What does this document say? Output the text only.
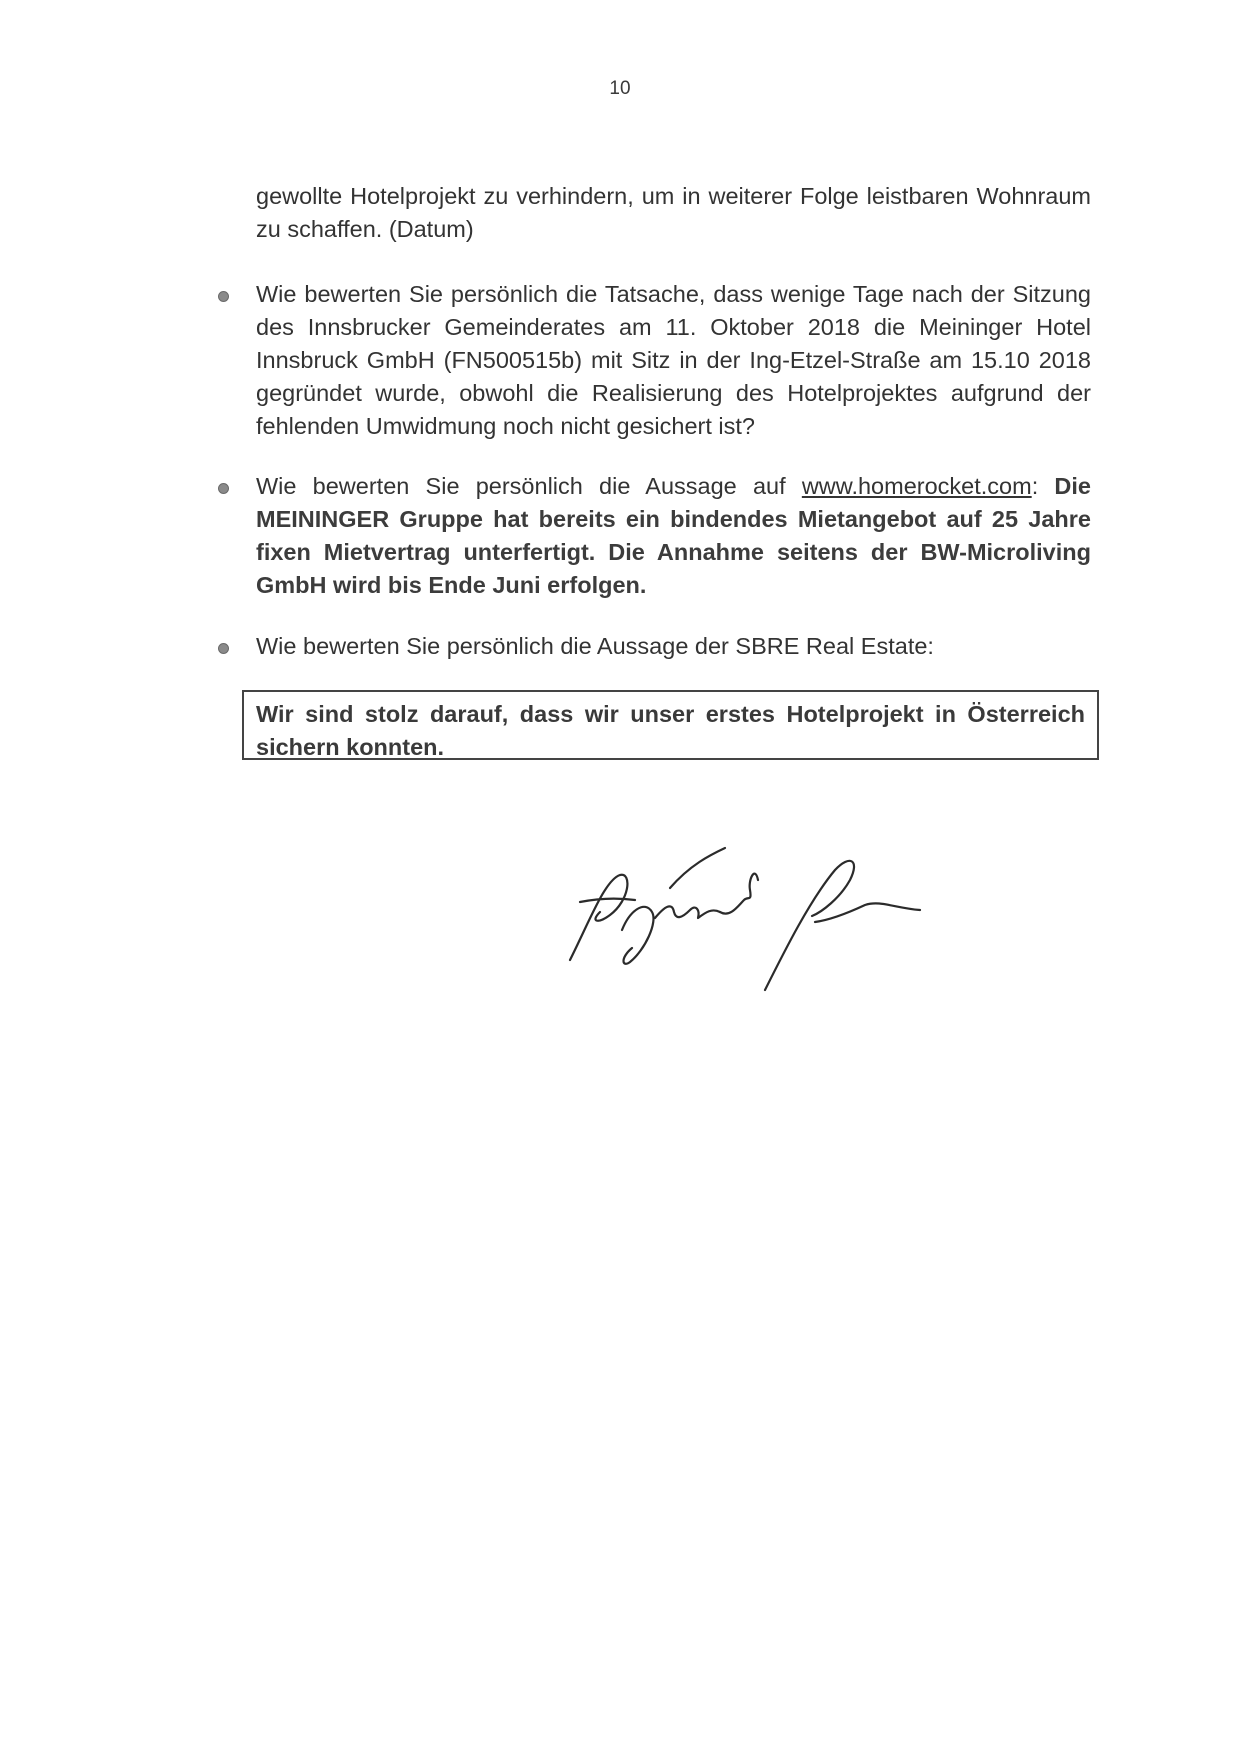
10
gewollte Hotelprojekt zu verhindern, um in weiterer Folge leistbaren Wohnraum zu schaffen. (Datum)
Wie bewerten Sie persönlich die Tatsache, dass wenige Tage nach der Sitzung des Innsbrucker Gemeinderates am 11. Oktober 2018 die Meininger Hotel Innsbruck GmbH (FN500515b) mit Sitz in der Ing-Etzel-Straße am 15.10 2018 gegründet wurde, obwohl die Realisierung des Hotelprojektes aufgrund der fehlenden Umwidmung noch nicht gesichert ist?
Wie bewerten Sie persönlich die Aussage auf www.homerocket.com: Die MEININGER Gruppe hat bereits ein bindendes Mietangebot auf 25 Jahre fixen Mietvertrag unterfertigt. Die Annahme seitens der BW-Microliving GmbH wird bis Ende Juni erfolgen.
Wie bewerten Sie persönlich die Aussage der SBRE Real Estate:
Wir sind stolz darauf, dass wir unser erstes Hotelprojekt in Österreich sichern konnten.
